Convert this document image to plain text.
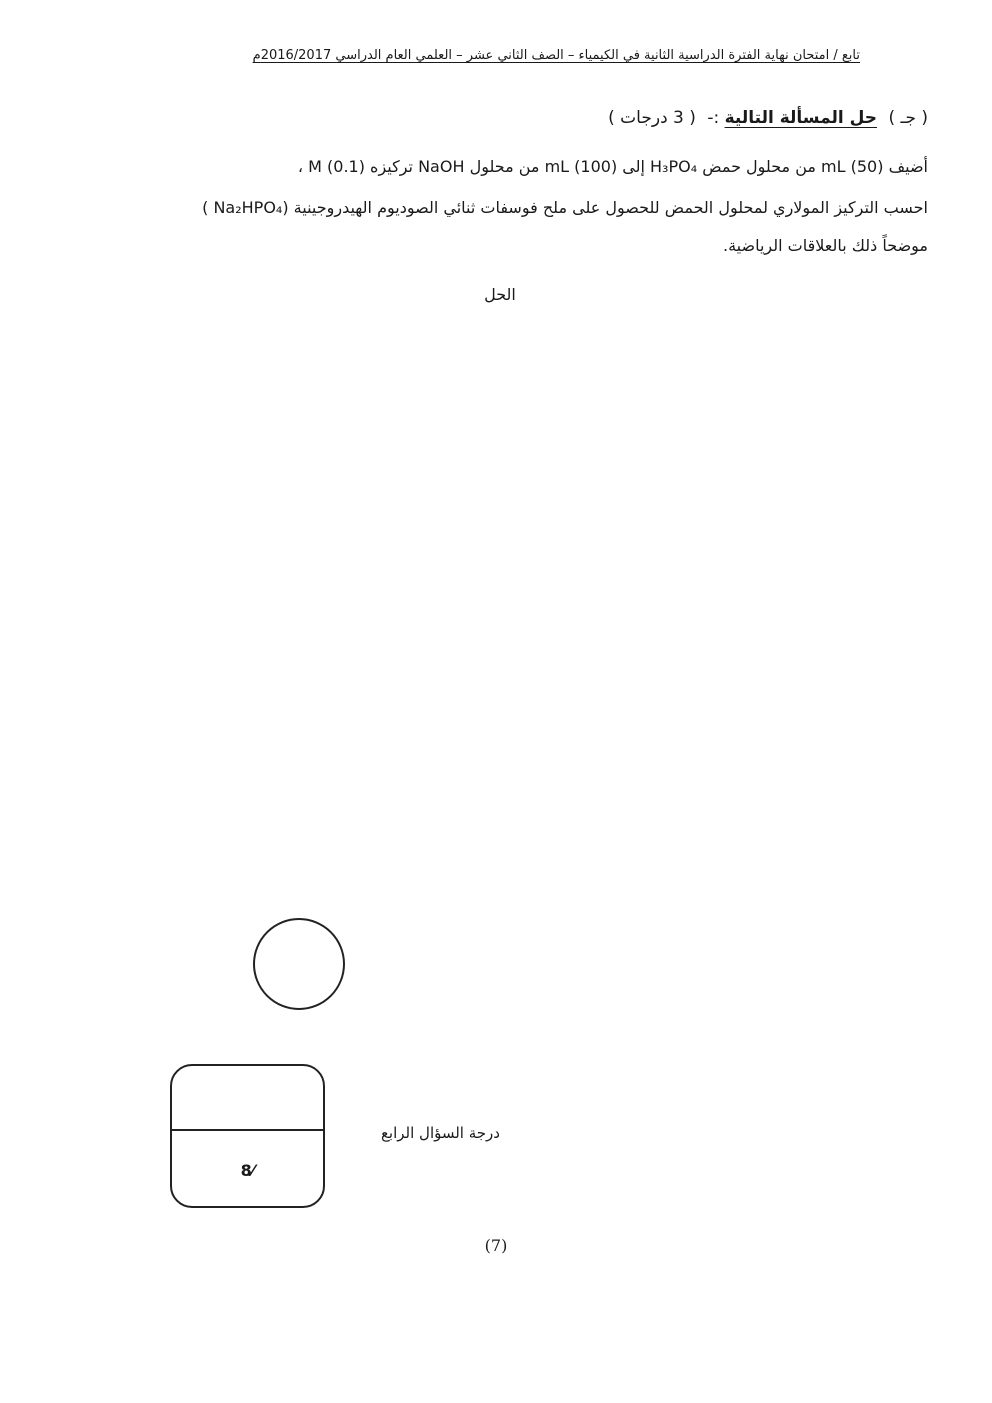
تابع / امتحان نهاية الفترة الدراسية الثانية في الكيمياء – الصف الثاني عشر – العلمي العام الدراسي 2016/2017م
( جـ ) حل المسألة التالية :- ( 3 درجات )
أضيف mL (50) من محلول حمض H₃PO₄ إلى mL (100) من محلول NaOH تركيزه M (0.1) ،
احسب التركيز المولاري لمحلول الحمض للحصول على ملح فوسفات ثنائي الصوديوم الهيدروجينية (Na₂HPO₄ )
موضحاً ذلك بالعلاقات الرياضية.
الحل
8⁄
درجة السؤال الرابع
(7)
